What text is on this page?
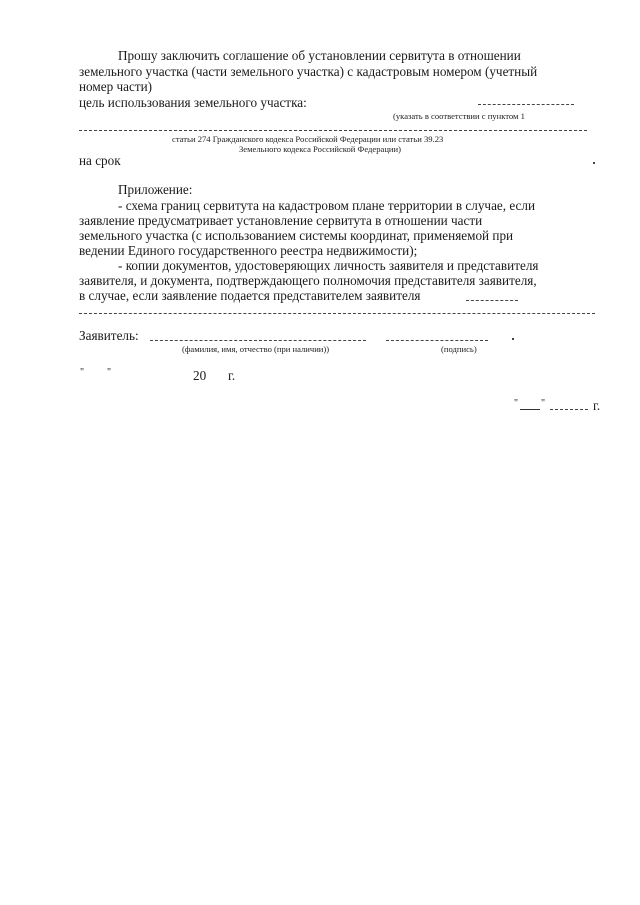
Прошу заключить соглашение об установлении сервитута в отношении
земельного участка (части земельного участка) с кадастровым номером (учетный
номер части)
цель использования земельного участка:
(указать в соответствии с пунктом 1
статьи 274 Гражданского кодекса Российской Федерации или статьи 39.23
Земельного кодекса Российской Федерации)
на срок
Приложение:
- схема границ сервитута на кадастровом плане территории в случае, если
заявление предусматривает установление сервитута в отношении части
земельного участка (с использованием системы координат, применяемой при
ведении Единого государственного реестра недвижимости);
- копии документов, удостоверяющих личность заявителя и представителя
заявителя, и документа, подтверждающего полномочия представителя заявителя,
в случае, если заявление подается представителем заявителя
Заявитель:
(фамилия, имя, отчество (при наличии))	(подпись)
" "	20 г.
" "	г.
